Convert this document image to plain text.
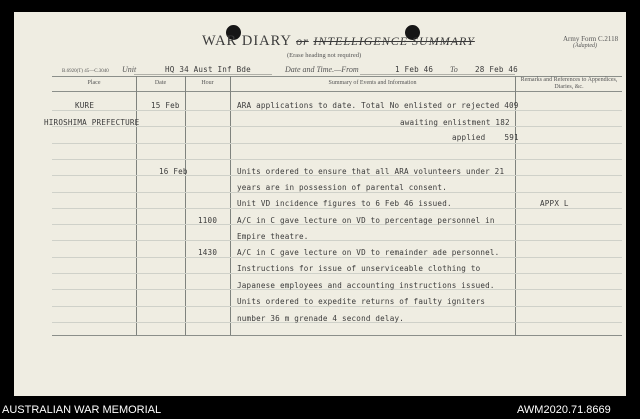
WAR DIARY or INTELLIGENCE SUMMARY
(Erase heading not required)
Army Form C.2118
(Adapted)
B.6920(T) 45—C.3040 Unit	HQ 34 Aust Inf Bde	Date and Time.—From	1 Feb 46 To 28 Feb 46
Place	Date	Hour	Summary of Events and Information	Remarks and References to Appendices, Diaries, &c.
KURE	15 Feb	ARA applications to date. Total No enlisted or rejected 409
HIROSHIMA PREFECTURE	awaiting enlistment 182
applied    591
16 Feb	Units ordered to ensure that all ARA volunteers under 21
years are in possession of parental consent.
Unit VD incidence figures to 6 Feb 46 issued.	APPX L
1100	A/C in C gave lecture on VD to percentage personnel in
Empire theatre.
1430	A/C in C gave lecture on VD to remainder ade personnel.
Instructions for issue of unserviceable clothing to
Japanese employees and accounting instructions issued.
Units ordered to expedite returns of faulty igniters
number 36 m grenade 4 second delay.
AUSTRALIAN WAR MEMORIAL	AWM2020.71.8669
